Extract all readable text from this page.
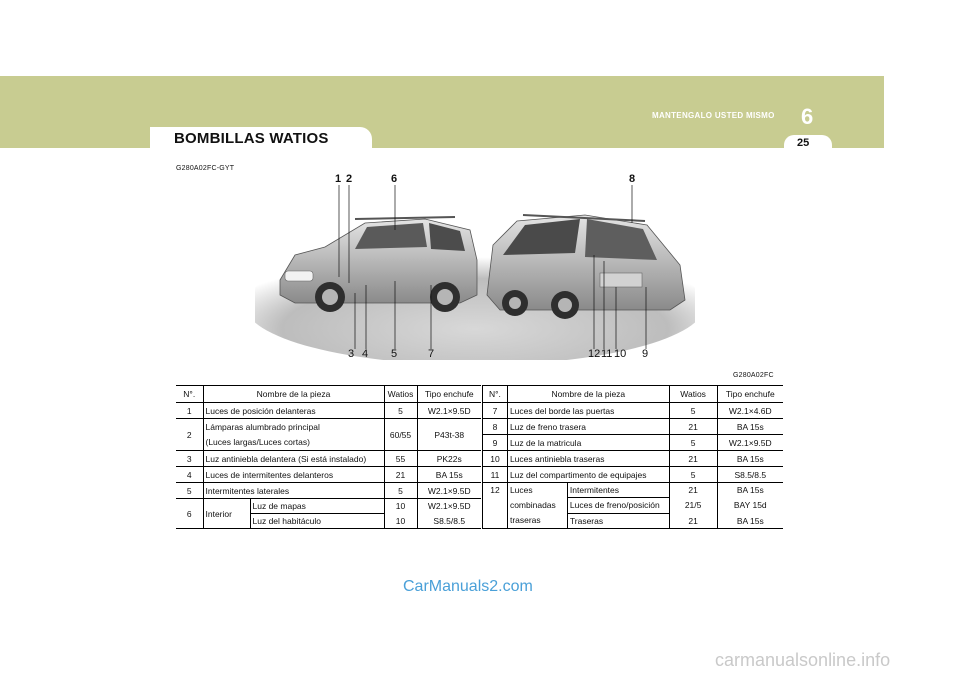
MANTENGALO USTED MISMO 6
25
BOMBILLAS WATIOS
G280A02FC-GYT
1 2	6	8
3 4 5	7	12 11 10 9
G280A02FC
N°.	Nombre de la pieza		Watios	Tipo enchufe
1	Luces de posición delanteras		5	W2.1×9.5D
2	Lámparas alumbrado principal
(Luces largas/Luces cortas)		60/55	P43t-38
3	Luz antiniebla delantera (Si está instalado)		55	PK22s
4	Luces de intermitentes delanteros		21	BA 15s
5	Intermitentes laterales		5	W2.1×9.5D
6	Interior	Luz de mapas	10	W2.1×9.5D
		Luz del habitáculo	10	S8.5/8.5
N°.	Nombre de la pieza		Watios	Tipo enchufe
7	Luces del borde las puertas		5	W2.1×4.6D
8	Luz de freno trasera		21	BA 15s
9	Luz de la matricula		5	W2.1×9.5D
10	Luces antiniebla traseras		21	BA 15s
11	Luz del compartimento de equipajes		5	S8.5/8.5
12	Luces
combinadas
traseras	Intermitentes	21	BA 15s
		Luces de freno/posición	21/5	BAY 15d
		Traseras	21	BA 15s
CarManuals2.com
carmanualsonline.info
